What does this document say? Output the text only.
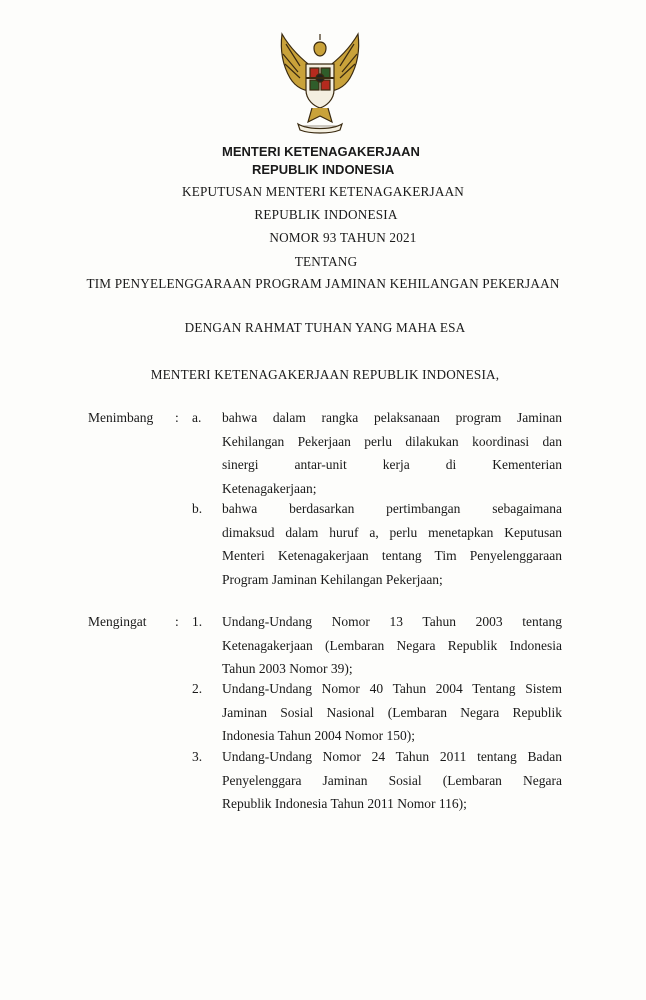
MENTERI KETENAGAKERJAAN
REPUBLIK INDONESIA
KEPUTUSAN MENTERI KETENAGAKERJAAN
REPUBLIK INDONESIA
NOMOR 93 TAHUN 2021
TENTANG
TIM PENYELENGGARAAN PROGRAM JAMINAN KEHILANGAN PEKERJAAN
DENGAN RAHMAT TUHAN YANG MAHA ESA
MENTERI KETENAGAKERJAAN REPUBLIK INDONESIA,
Menimbang : a. bahwa dalam rangka pelaksanaan program Jaminan
Kehilangan Pekerjaan perlu dilakukan koordinasi dan
sinergi antar-unit kerja di Kementerian
Ketenagakerjaan;
b. bahwa berdasarkan pertimbangan sebagaimana
dimaksud dalam huruf a, perlu menetapkan Keputusan
Menteri Ketenagakerjaan tentang Tim Penyelenggaraan
Program Jaminan Kehilangan Pekerjaan;
Mengingat : 1. Undang-Undang Nomor 13 Tahun 2003 tentang
Ketenagakerjaan (Lembaran Negara Republik Indonesia
Tahun 2003 Nomor 39);
2. Undang-Undang Nomor 40 Tahun 2004 Tentang Sistem
Jaminan Sosial Nasional (Lembaran Negara Republik
Indonesia Tahun 2004 Nomor 150);
3. Undang-Undang Nomor 24 Tahun 2011 tentang Badan
Penyelenggara Jaminan Sosial (Lembaran Negara
Republik Indonesia Tahun 2011 Nomor 116);
